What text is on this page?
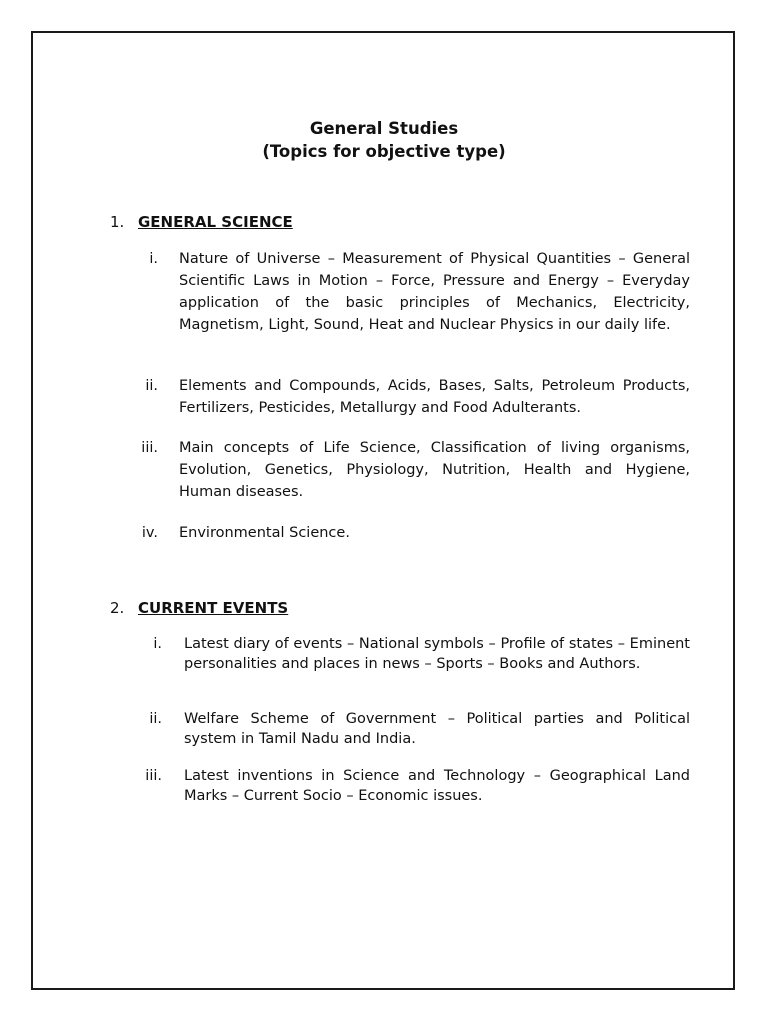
General Studies
(Topics for objective type)
1. GENERAL SCIENCE
i. Nature of Universe – Measurement of Physical Quantities – General Scientific Laws in Motion – Force, Pressure and Energy – Everyday application of the basic principles of Mechanics, Electricity, Magnetism, Light, Sound, Heat and Nuclear Physics in our daily life.
ii. Elements and Compounds, Acids, Bases, Salts, Petroleum Products, Fertilizers, Pesticides, Metallurgy and Food Adulterants.
iii. Main concepts of Life Science, Classification of living organisms, Evolution, Genetics, Physiology, Nutrition, Health and Hygiene, Human diseases.
iv. Environmental Science.
2. CURRENT EVENTS
i. Latest diary of events – National symbols – Profile of states – Eminent personalities and places in news – Sports – Books and Authors.
ii. Welfare Scheme of Government – Political parties and Political system in Tamil Nadu and India.
iii. Latest inventions in Science and Technology – Geographical Land Marks – Current Socio – Economic issues.
